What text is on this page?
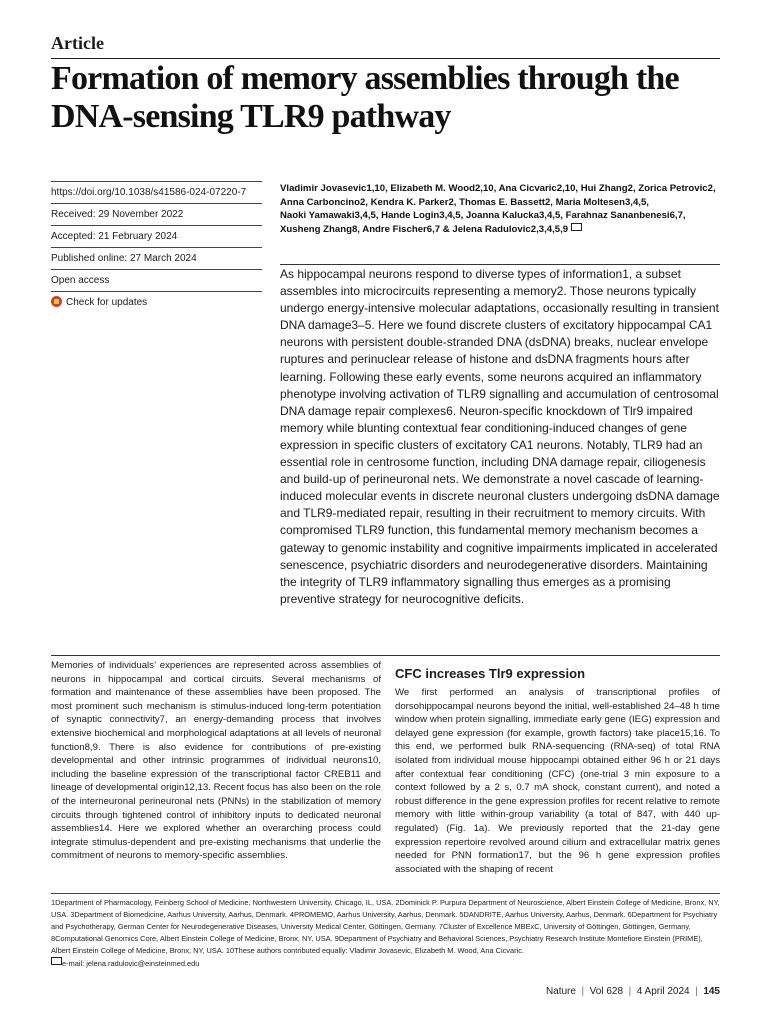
Article
Formation of memory assemblies through the DNA-sensing TLR9 pathway
https://doi.org/10.1038/s41586-024-07220-7
Received: 29 November 2022
Accepted: 21 February 2024
Published online: 27 March 2024
Open access
Check for updates
Vladimir Jovasevic1,10, Elizabeth M. Wood2,10, Ana Cicvaric2,10, Hui Zhang2, Zorica Petrovic2,
Anna Carboncino2, Kendra K. Parker2, Thomas E. Bassett2, Maria Moltesen3,4,5,
Naoki Yamawaki3,4,5, Hande Login3,4,5, Joanna Kalucka3,4,5, Farahnaz Sananbenesi6,7,
Xusheng Zhang8, Andre Fischer6,7 & Jelena Radulovic2,3,4,5,9

As hippocampal neurons respond to diverse types of information1, a subset assembles into microcircuits representing a memory2. Those neurons typically undergo energy-intensive molecular adaptations, occasionally resulting in transient DNA damage3–5. Here we found discrete clusters of excitatory hippocampal CA1 neurons with persistent double-stranded DNA (dsDNA) breaks, nuclear envelope ruptures and perinuclear release of histone and dsDNA fragments hours after learning. Following these early events, some neurons acquired an inflammatory phenotype involving activation of TLR9 signalling and accumulation of centrosomal DNA damage repair complexes6. Neuron-specific knockdown of Tlr9 impaired memory while blunting contextual fear conditioning-induced changes of gene expression in specific clusters of excitatory CA1 neurons. Notably, TLR9 had an essential role in centrosome function, including DNA damage repair, ciliogenesis and build-up of perineuronal nets. We demonstrate a novel cascade of learning-induced molecular events in discrete neuronal clusters undergoing dsDNA damage and TLR9-mediated repair, resulting in their recruitment to memory circuits. With compromised TLR9 function, this fundamental memory mechanism becomes a gateway to genomic instability and cognitive impairments implicated in accelerated senescence, psychiatric disorders and neurodegenerative disorders. Maintaining the integrity of TLR9 inflammatory signalling thus emerges as a promising preventive strategy for neurocognitive deficits.

Memories of individuals’ experiences are represented across assemblies of neurons in hippocampal and cortical circuits. Several mechanisms of formation and maintenance of these assemblies have been proposed. The most prominent such mechanism is stimulus-induced long-term potentiation of synaptic connectivity7, an energy-demanding process that involves extensive biochemical and morphological adaptations at all levels of neuronal function8,9. There is also evidence for contributions of pre-existing developmental and other intrinsic programmes of individual neurons10, including the baseline expression of the transcriptional factor CREB11 and lineage of developmental origin12,13. Recent focus has also been on the role of the interneuronal perineuronal nets (PNNs) in the stabilization of memory circuits through tightened control of inhibitory inputs to dedicated neuronal assemblies14. Here we explored whether an overarching process could integrate stimulus-dependent and pre-existing mechanisms that underlie the commitment of neurons to memory-specific assemblies.

CFC increases Tlr9 expression

We first performed an analysis of transcriptional profiles of dorsohippocampal neurons beyond the initial, well-established 24–48 h time window when protein signalling, immediate early gene (IEG) expression and delayed gene expression (for example, growth factors) take place15,16. To this end, we performed bulk RNA-sequencing (RNA-seq) of total RNA isolated from individual mouse hippocampi obtained either 96 h or 21 days after contextual fear conditioning (CFC) (one-trial 3 min exposure to a context followed by a 2 s, 0.7 mA shock, constant current), and noted a robust difference in the gene expression profiles for recent relative to remote memory with little within-group variability (a total of 847, with 440 up-regulated) (Fig. 1a). We previously reported that the 21-day gene expression repertoire revolved around cilium and extracellular matrix genes needed for PNN formation17, but the 96 h gene expression profiles associated with the shaping of recent

1Department of Pharmacology, Feinberg School of Medicine, Northwestern University, Chicago, IL, USA. 2Dominick P. Purpura Department of Neuroscience, Albert Einstein College of Medicine, Bronx, NY, USA. 3Department of Biomedicine, Aarhus University, Aarhus, Denmark. 4PROMEMO, Aarhus University, Aarhus, Denmark. 5DANDRITE, Aarhus University, Aarhus, Denmark. 6Department for Psychiatry and Psychotherapy, German Center for Neurodegenerative Diseases, University Medical Center, Göttingen, Germany. 7Cluster of Excellence MBExC, University of Göttingen, Göttingen, Germany. 8Computational Genomics Core, Albert Einstein College of Medicine, Bronx, NY, USA. 9Department of Psychiatry and Behavioral Sciences, Psychiatry Research Institute Montefiore Einstein (PRIME), Albert Einstein College of Medicine, Bronx, NY, USA. 10These authors contributed equally: Vladimir Jovasevic, Elizabeth M. Wood, Ana Cicvaric.

e-mail: jelena.radulovic@einsteinmed.edu

Nature  |  Vol 628  |  4 April 2024  |  145
